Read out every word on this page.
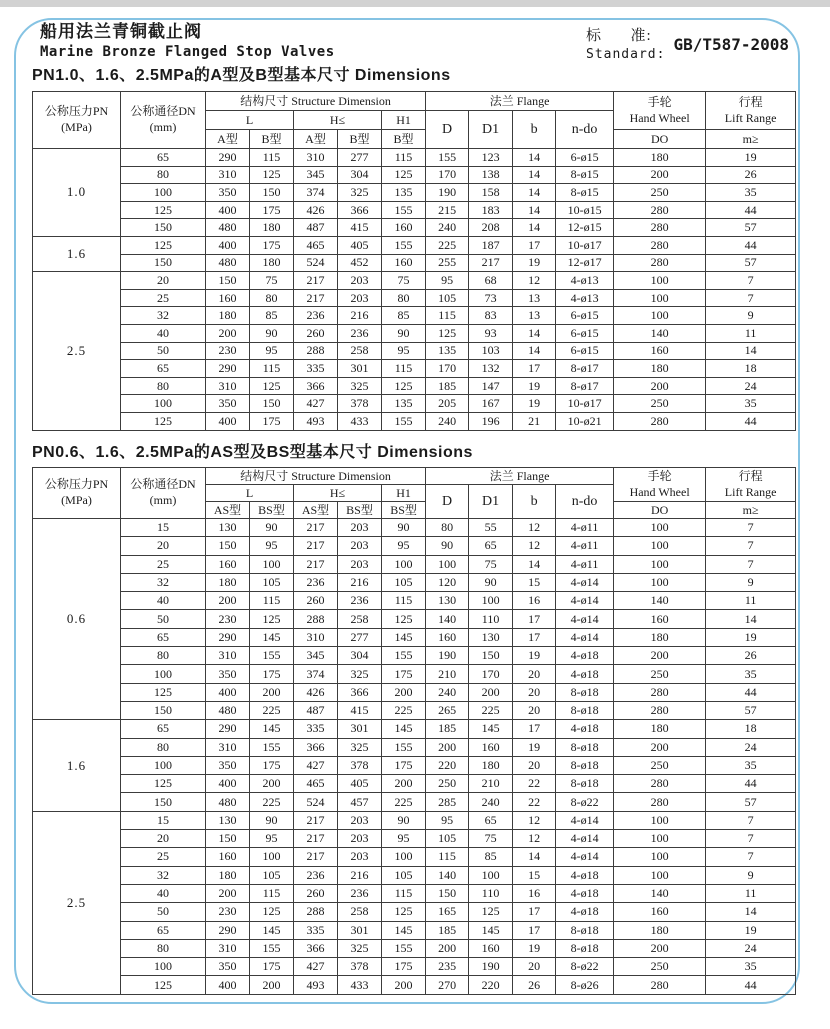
船用法兰青铜截止阀
Marine Bronze Flanged Stop Valves
标      准:
Standard:
GB/T587-2008
PN1.0、1.6、2.5MPa的A型及B型基本尺寸 Dimensions
公称压力PN
(MPa)

公称通径DN
(mm)
	结构尺寸 Structure Dimension	法兰 Flange	手轮
Hand Wheel

行程
Lift Range

		L		H≤		H1	D	D1	b	n-do		
		A型	B型	A型	B型	B型					DO	m≥
1.0	65	290	115	310	277	115	155	123	14	6-ø15	180	19
	80	310	125	345	304	125	170	138	14	8-ø15	200	26
	100	350	150	374	325	135	190	158	14	8-ø15	250	35
	125	400	175	426	366	155	215	183	14	10-ø15	280	44
	150	480	180	487	415	160	240	208	14	12-ø15	280	57
1.6	125	400	175	465	405	155	225	187	17	10-ø17	280	44
	150	480	180	524	452	160	255	217	19	12-ø17	280	57
2.5	20	150	75	217	203	75	95	68	12	4-ø13	100	7
	25	160	80	217	203	80	105	73	13	4-ø13	100	7
	32	180	85	236	216	85	115	83	13	6-ø15	100	9
	40	200	90	260	236	90	125	93	14	6-ø15	140	11
	50	230	95	288	258	95	135	103	14	6-ø15	160	14
	65	290	115	335	301	115	170	132	17	8-ø17	180	18
	80	310	125	366	325	125	185	147	19	8-ø17	200	24
	100	350	150	427	378	135	205	167	19	10-ø17	250	35
	125	400	175	493	433	155	240	196	21	10-ø21	280	44
PN0.6、1.6、2.5MPa的AS型及BS型基本尺寸 Dimensions
公称压力PN
(MPa)

公称通径DN
(mm)
	结构尺寸 Structure Dimension	法兰 Flange	手轮
Hand Wheel

行程
Lift Range

		L		H≤		H1	D	D1	b	n-do		
		AS型	BS型	AS型	BS型	BS型					DO	m≥
0.6	15	130	90	217	203	90	80	55	12	4-ø11	100	7
	20	150	95	217	203	95	90	65	12	4-ø11	100	7
	25	160	100	217	203	100	100	75	14	4-ø11	100	7
	32	180	105	236	216	105	120	90	15	4-ø14	100	9
	40	200	115	260	236	115	130	100	16	4-ø14	140	11
	50	230	125	288	258	125	140	110	17	4-ø14	160	14
	65	290	145	310	277	145	160	130	17	4-ø14	180	19
	80	310	155	345	304	155	190	150	19	4-ø18	200	26
	100	350	175	374	325	175	210	170	20	4-ø18	250	35
	125	400	200	426	366	200	240	200	20	8-ø18	280	44
	150	480	225	487	415	225	265	225	20	8-ø18	280	57
1.6	65	290	145	335	301	145	185	145	17	4-ø18	180	18
	80	310	155	366	325	155	200	160	19	8-ø18	200	24
	100	350	175	427	378	175	220	180	20	8-ø18	250	35
	125	400	200	465	405	200	250	210	22	8-ø18	280	44
	150	480	225	524	457	225	285	240	22	8-ø22	280	57
2.5	15	130	90	217	203	90	95	65	12	4-ø14	100	7
	20	150	95	217	203	95	105	75	12	4-ø14	100	7
	25	160	100	217	203	100	115	85	14	4-ø14	100	7
	32	180	105	236	216	105	140	100	15	4-ø18	100	9
	40	200	115	260	236	115	150	110	16	4-ø18	140	11
	50	230	125	288	258	125	165	125	17	4-ø18	160	14
	65	290	145	335	301	145	185	145	17	8-ø18	180	19
	80	310	155	366	325	155	200	160	19	8-ø18	200	24
	100	350	175	427	378	175	235	190	20	8-ø22	250	35
	125	400	200	493	433	200	270	220	26	8-ø26	280	44
